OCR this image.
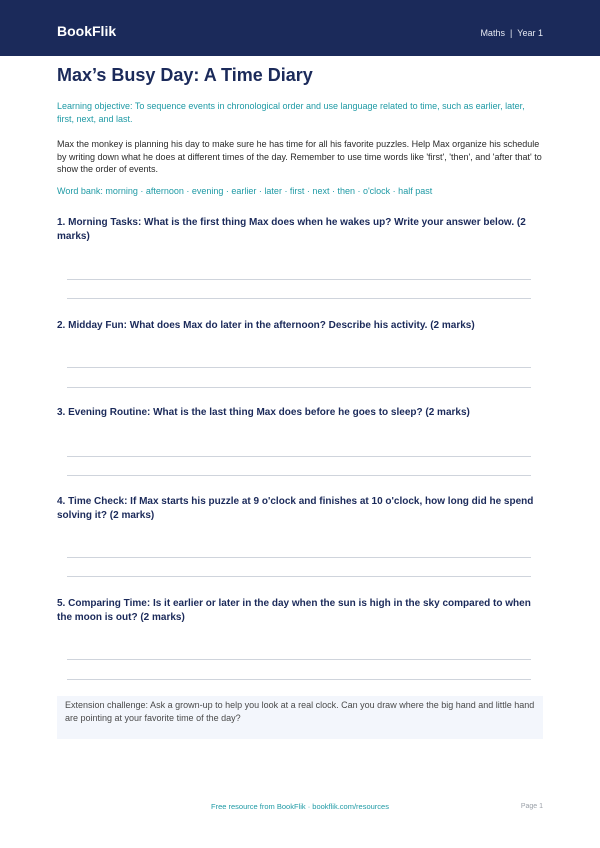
BookFlik	Maths | Year 1
Max’s Busy Day: A Time Diary
Learning objective: To sequence events in chronological order and use language related to time, such as earlier, later, first, next, and last.
Max the monkey is planning his day to make sure he has time for all his favorite puzzles. Help Max organize his schedule by writing down what he does at different times of the day. Remember to use time words like 'first', 'then', and 'after that' to show the order of events.
Word bank: morning · afternoon · evening · earlier · later · first · next · then · o'clock · half past
1. Morning Tasks: What is the first thing Max does when he wakes up? Write your answer below. (2 marks)
2. Midday Fun: What does Max do later in the afternoon? Describe his activity. (2 marks)
3. Evening Routine: What is the last thing Max does before he goes to sleep? (2 marks)
4. Time Check: If Max starts his puzzle at 9 o'clock and finishes at 10 o'clock, how long did he spend solving it? (2 marks)
5. Comparing Time: Is it earlier or later in the day when the sun is high in the sky compared to when the moon is out? (2 marks)
Extension challenge: Ask a grown-up to help you look at a real clock. Can you draw where the big hand and little hand are pointing at your favorite time of the day?
Free resource from BookFlik · bookflik.com/resources	Page 1
